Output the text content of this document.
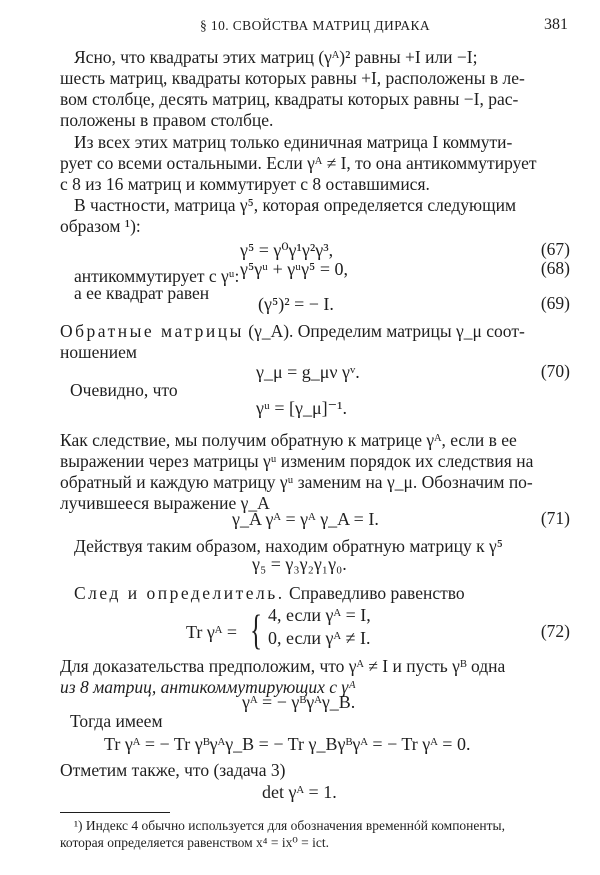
§ 10. СВОЙСТВА МАТРИЦ ДИРАКА	381
Ясно, что квадраты этих матриц (γᴬ)² равны +I или −I;
шесть матриц, квадраты которых равны +I, расположены в ле-
вом столбце, десять матриц, квадраты которых равны −I, рас-
положены в правом столбце.
Из всех этих матриц только единичная матрица I коммути-
рует со всеми остальными. Если γᴬ ≠ I, то она антикоммутирует
с 8 из 16 матриц и коммутирует с 8 оставшимися.
В частности, матрица γ⁵, которая определяется следующим
образом ¹):
γ⁵ = γ⁰γ¹γ²γ³,	(67)
антикоммутирует с γᵘ: γ⁵γᵘ + γᵘγ⁵ = 0,	(68)
а ее квадрат равен
(γ⁵)² = − I.	(69)
Обратные матрицы (γ_A). Определим матрицы γ_μ соот-
ношением
γ_μ = g_μν γᵛ.	(70)
Очевидно, что
γᵘ = [γ_μ]⁻¹.
Как следствие, мы получим обратную к матрице γᴬ, если в ее
выражении через матрицы γᵘ изменим порядок их следствия на
обратный и каждую матрицу γᵘ заменим на γ_μ. Обозначим по-
лучившееся выражение γ_A
γ_A γᴬ = γᴬ γ_A = I.	(71)
Действуя таким образом, находим обратную матрицу к γ⁵
γ₅ = γ₃γ₂γ₁γ₀.
След и определитель. Справедливо равенство
Tr γᴬ = { 4, если γᴬ = I,
0, если γᴬ ≠ I.	(72)
Для доказательства предположим, что γᴬ ≠ I и пусть γᴮ одна
из 8 матриц, антикоммутирующих с γᴬ
γᴬ = − γᴮγᴬγ_B.
Тогда имеем
Tr γᴬ = − Tr γᴮγᴬγ_B = − Tr γ_Bγᴮγᴬ = − Tr γᴬ = 0.
Отметим также, что (задача 3)
det γᴬ = 1.
¹) Индекс 4 обычно используется для обозначения временнóй компоненты,
которая определяется равенством x⁴ = ix⁰ = ict.
